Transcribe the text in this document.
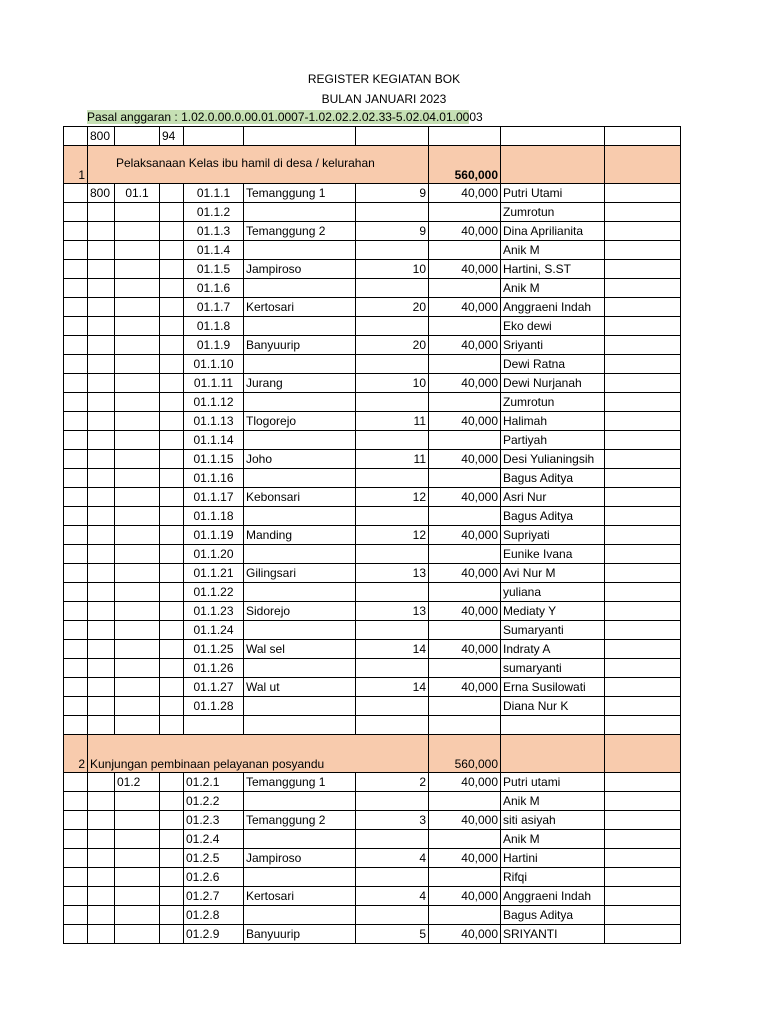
REGISTER KEGIATAN BOK
BULAN JANUARI 2023
Pasal anggaran : 1.02.0.00.0.00.01.0007-1.02.02.2.02.33-5.02.04.01.0003
	800		94						
1	Pelaksanaan Kelas ibu hamil di desa / kelurahan						560,000		
	800	01.1		01.1.1	Temanggung 1	9	40,000	Putri Utami	
				01.1.2				Zumrotun	
				01.1.3	Temanggung 2	9	40,000	Dina Aprilianita	
				01.1.4				Anik M	
				01.1.5	Jampiroso	10	40,000	Hartini, S.ST	
				01.1.6				Anik M	
				01.1.7	Kertosari	20	40,000	Anggraeni Indah	
				01.1.8				Eko dewi	
				01.1.9	Banyuurip	20	40,000	Sriyanti	
				01.1.10				Dewi Ratna	
				01.1.11	Jurang	10	40,000	Dewi Nurjanah	
				01.1.12				Zumrotun	
				01.1.13	Tlogorejo	11	40,000	Halimah	
				01.1.14				Partiyah	
				01.1.15	Joho	11	40,000	Desi Yulianingsih	
				01.1.16				Bagus Aditya	
				01.1.17	Kebonsari	12	40,000	Asri Nur	
				01.1.18				Bagus Aditya	
				01.1.19	Manding	12	40,000	Supriyati	
				01.1.20				Eunike Ivana	
				01.1.21	Gilingsari	13	40,000	Avi Nur M	
				01.1.22				yuliana	
				01.1.23	Sidorejo	13	40,000	Mediaty Y	
				01.1.24				Sumaryanti	
				01.1.25	Wal sel	14	40,000	Indraty A	
				01.1.26				sumaryanti	
				01.1.27	Wal ut	14	40,000	Erna Susilowati	
				01.1.28				Diana Nur K	

2	Kunjungan pembinaan pelayanan posyandu						560,000		
		01.2		01.2.1	Temanggung 1	2	40,000	Putri utami	
				01.2.2				Anik M	
				01.2.3	Temanggung 2	3	40,000	siti asiyah	
				01.2.4				Anik M	
				01.2.5	Jampiroso	4	40,000	Hartini	
				01.2.6				Rifqi	
				01.2.7	Kertosari	4	40,000	Anggraeni Indah	
				01.2.8				Bagus Aditya	
				01.2.9	Banyuurip	5	40,000	SRIYANTI	
